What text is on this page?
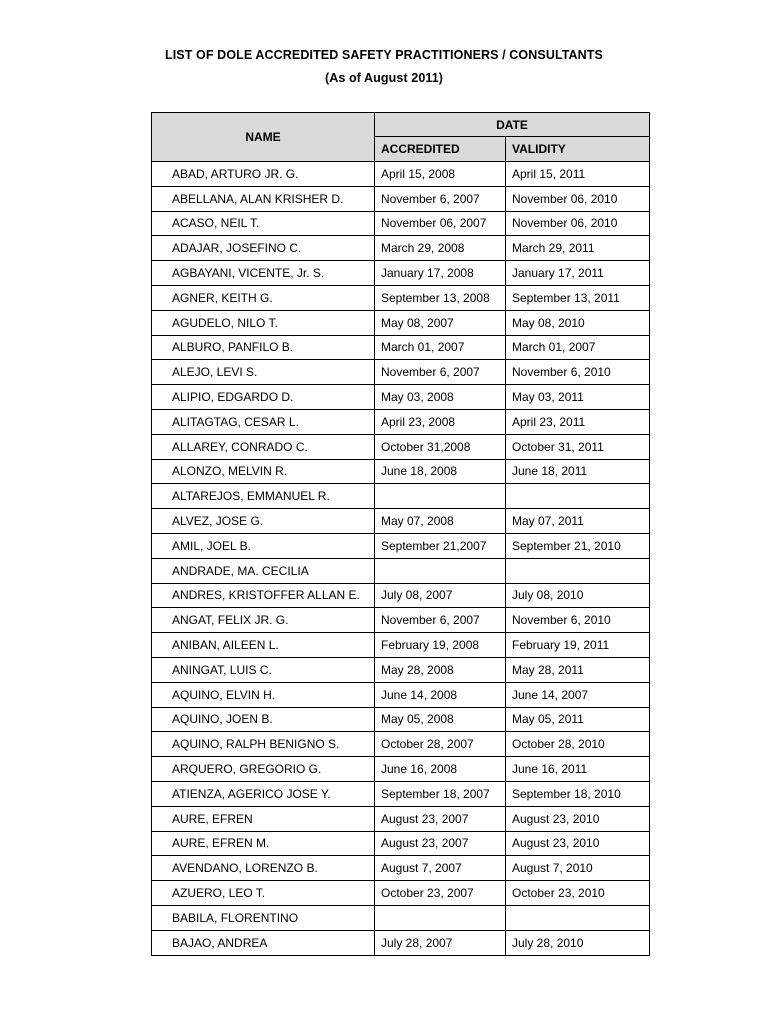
LIST OF DOLE ACCREDITED SAFETY PRACTITIONERS / CONSULTANTS
(As of August 2011)
NAME	DATE	
	ACCREDITED	VALIDITY
ABAD, ARTURO JR. G.	April 15, 2008	April 15, 2011
ABELLANA, ALAN KRISHER D.	November 6, 2007	November 06, 2010
ACASO, NEIL T.	November 06, 2007	November 06, 2010
ADAJAR, JOSEFINO C.	March 29, 2008	March 29, 2011
AGBAYANI, VICENTE, Jr. S.	January 17, 2008	January 17, 2011
AGNER, KEITH G.	September 13, 2008	September 13, 2011
AGUDELO, NILO T.	May 08, 2007	May 08, 2010
ALBURO, PANFILO B.	March 01, 2007	March 01, 2007
ALEJO, LEVI S.	November 6, 2007	November 6, 2010
ALIPIO, EDGARDO D.	May 03, 2008	May 03, 2011
ALITAGTAG, CESAR L.	April 23, 2008	April 23, 2011
ALLAREY, CONRADO C.	October 31,2008	October 31, 2011
ALONZO, MELVIN R.	June 18, 2008	June 18, 2011
ALTAREJOS, EMMANUEL R.		
ALVEZ, JOSE G.	May 07, 2008	May 07, 2011
AMIL, JOEL B.	September 21,2007	September 21, 2010
ANDRADE, MA. CECILIA		
ANDRES, KRISTOFFER ALLAN E.	July 08, 2007	July 08, 2010
ANGAT, FELIX JR. G.	November 6, 2007	November 6, 2010
ANIBAN, AILEEN L.	February 19, 2008	February 19, 2011
ANINGAT, LUIS C.	May 28, 2008	May 28, 2011
AQUINO, ELVIN H.	June 14, 2008	June 14, 2007
AQUINO, JOEN B.	May 05, 2008	May 05, 2011
AQUINO, RALPH BENIGNO S.	October 28, 2007	October 28, 2010
ARQUERO, GREGORIO G.	June 16, 2008	June 16, 2011
ATIENZA, AGERICO JOSE Y.	September 18, 2007	September 18, 2010
AURE, EFREN	August 23, 2007	August 23, 2010
AURE, EFREN M.	August 23, 2007	August 23, 2010
AVENDANO, LORENZO B.	August 7, 2007	August 7, 2010
AZUERO, LEO T.	October 23, 2007	October 23, 2010
BABILA, FLORENTINO		
BAJAO, ANDREA	July 28, 2007	July 28, 2010
